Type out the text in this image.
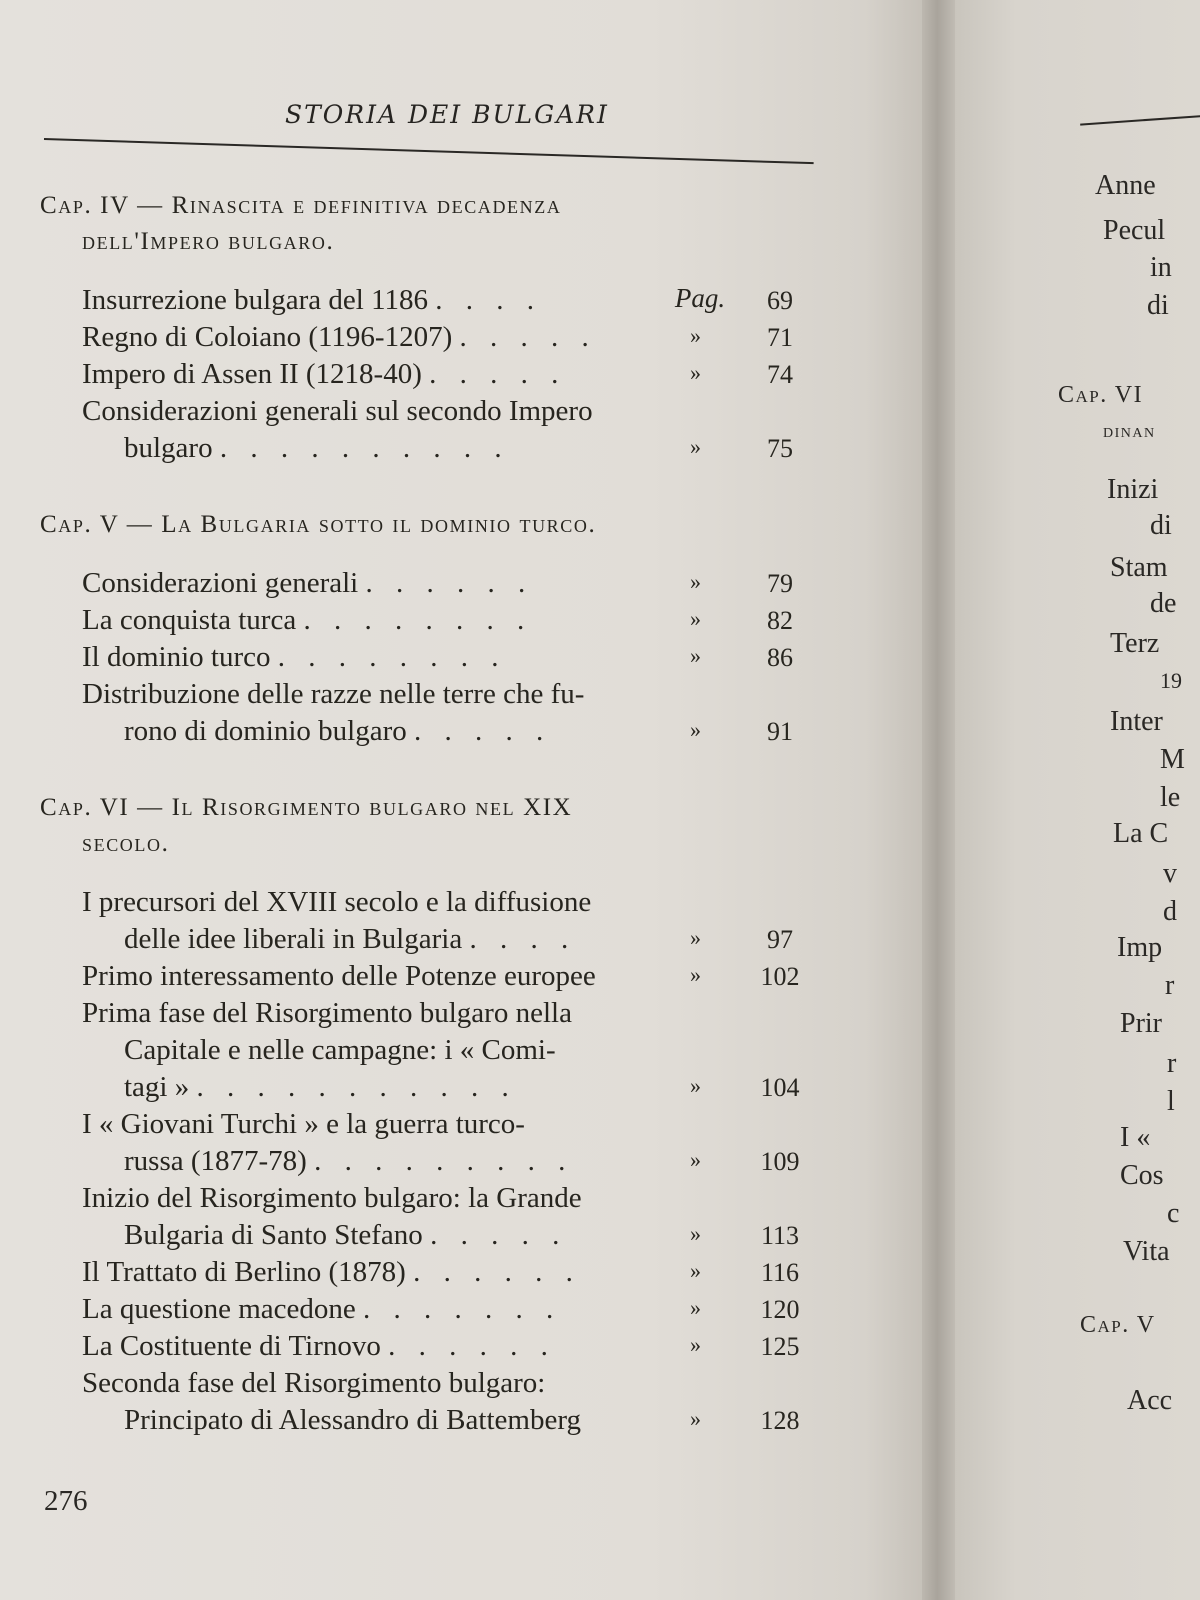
STORIA DEI BULGARI
Cap. IV — Rinascita e definitiva decadenza
dell'Impero bulgaro.
Insurrezione bulgara del 1186 . . . .	Pag.	69
Regno di Coloiano (1196-1207) . . . . .	»	71
Impero di Assen II (1218-40) . . . . .	»	74
Considerazioni generali sul secondo Impero
bulgaro . . . . . . . . . .	»	75
Cap. V — La Bulgaria sotto il dominio turco.
Considerazioni generali . . . . . .	»	79
La conquista turca . . . . . . . .	»	82
Il dominio turco . . . . . . . .	»	86
Distribuzione delle razze nelle terre che fu-
rono di dominio bulgaro . . . . .	»	91
Cap. VI — Il Risorgimento bulgaro nel XIX
secolo.
I precursori del XVIII secolo e la diffusione
delle idee liberali in Bulgaria . . . .	»	97
Primo interessamento delle Potenze europee	»	102
Prima fase del Risorgimento bulgaro nella
Capitale e nelle campagne: i « Comi-
tagi » . . . . . . . . . . .	»	104
I « Giovani Turchi » e la guerra turco-
russa (1877-78) . . . . . . . . .	»	109
Inizio del Risorgimento bulgaro: la Grande
Bulgaria di Santo Stefano . . . . .	»	113
Il Trattato di Berlino (1878) . . . . . .	»	116
La questione macedone . . . . . . .	»	120
La Costituente di Tirnovo . . . . . .	»	125
Seconda fase del Risorgimento bulgaro:
Principato di Alessandro di Battemberg	»	128
276
Anne
Pecul
in
di
Cap. VI
dinan
Inizi
di
Stam
de
Terz
19
Inter
M
le
La C
v
d
Imp
r
Prir
r
l
I «
Cos
c
Vita
Cap. V
Acc
